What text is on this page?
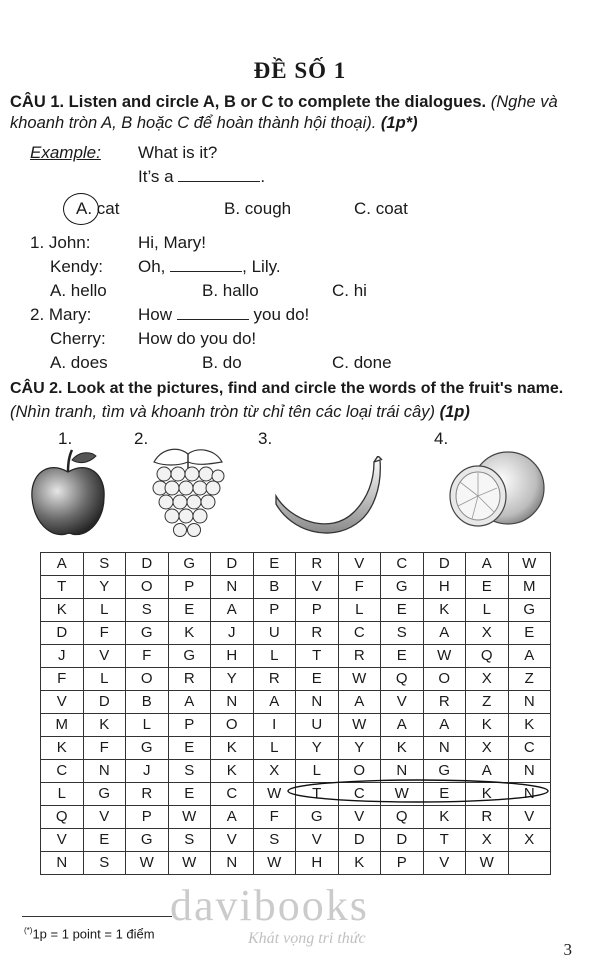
ĐỀ SỐ 1
CÂU 1. Listen and circle A, B or C to complete the dialogues. (Nghe và khoanh tròn A, B hoặc C để hoàn thành hội thoại). (1p*)
Example: What is it?
It’s a	.
A. cat	B. cough	C. coat
1. John:	Hi, Mary!
Kendy: Oh,	, Lily.
A. hello	B. hallo	C. hi
2. Mary:	How	you do!
Cherry: How do you do!
A. does	B. do	C. done
CÂU 2. Look at the pictures, find and circle the words of the fruit's name.
(Nhìn tranh, tìm và khoanh tròn từ chỉ tên các loại trái cây) (1p)
1.	2.	3.	4.
A	S	D	G	D	E	R	V	C	D	A	W
T	Y	O	P	N	B	V	F	G	H	E	M
K	L	S	E	A	P	P	L	E	K	L	G
D	F	G	K	J	U	R	C	S	A	X	E
J	V	F	G	H	L	T	R	E	W	Q	A
F	L	O	R	Y	R	E	W	Q	O	X	Z
V	D	B	A	N	A	N	A	V	R	Z	N
M	K	L	P	O	I	U	W	A	A	K	K
K	F	G	E	K	L	Y	Y	K	N	X	C
C	N	J	S	K	X	L	O	N	G	A	N
L	G	R	E	C	W	T	C	W	E	K	N
Q	V	P	W	A	F	G	V	Q	K	R	V
V	E	G	S	V	S	V	D	D	T	X	X
N	S	W	W	N	W	H	K	P	V	W	
davibooks
Khát vọng tri thức
(*)1p = 1 point = 1 điểm
3
